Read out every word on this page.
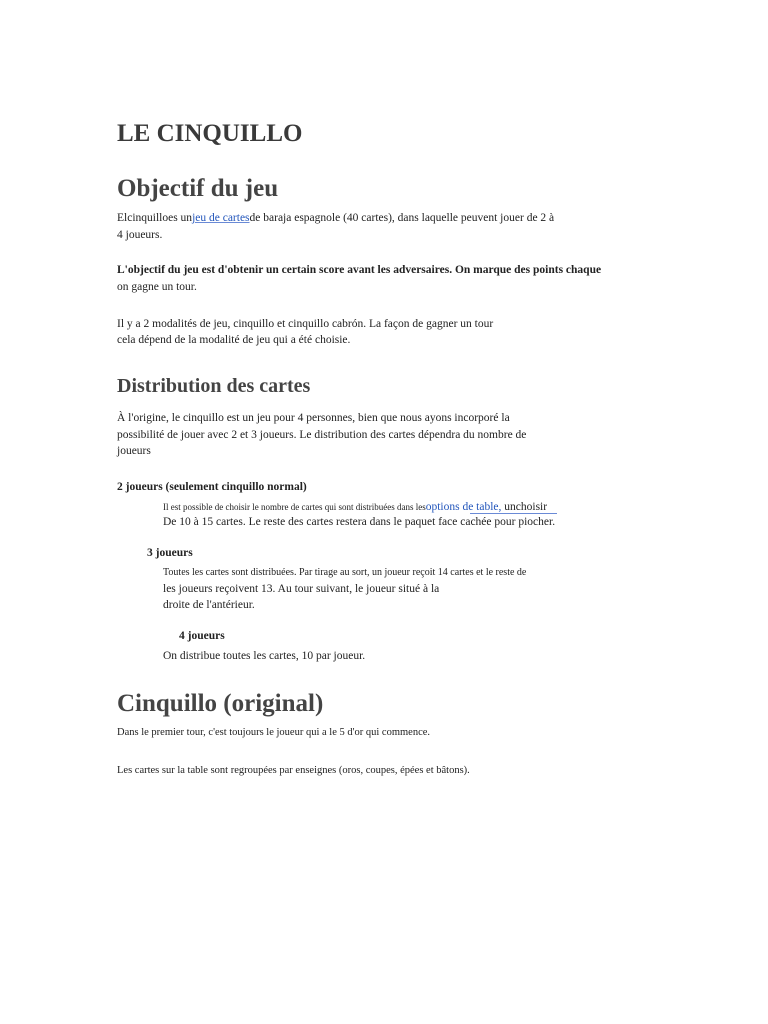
LE CINQUILLO
Objectif du jeu
Elcinquilloes unjeu de cartesde baraja espagnole (40 cartes), dans laquelle peuvent jouer de 2 à
4 joueurs.
L'objectif du jeu est d'obtenir un certain score avant les adversaires. On marque des points chaque
on gagne un tour.
Il y a 2 modalités de jeu, cinquillo et cinquillo cabrón. La façon de gagner un tour
cela dépend de la modalité de jeu qui a été choisie.
Distribution des cartes
À l'origine, le cinquillo est un jeu pour 4 personnes, bien que nous ayons incorporé la
possibilité de jouer avec 2 et 3 joueurs. Le distribution des cartes dépendra du nombre de
joueurs
2 joueurs (seulement cinquillo normal)
Il est possible de choisir le nombre de cartes qui sont distribuées dans lesoptions de table, unchoisir
De 10 à 15 cartes. Le reste des cartes restera dans le paquet face cachée pour piocher.
3 joueurs
Toutes les cartes sont distribuées. Par tirage au sort, un joueur reçoit 14 cartes et le reste de
les joueurs reçoivent 13. Au tour suivant, le joueur situé à la
droite de l'antérieur.
4 joueurs
On distribue toutes les cartes, 10 par joueur.
Cinquillo (original)
Dans le premier tour, c'est toujours le joueur qui a le 5 d'or qui commence.
Les cartes sur la table sont regroupées par enseignes (oros, coupes, épées et bâtons).
